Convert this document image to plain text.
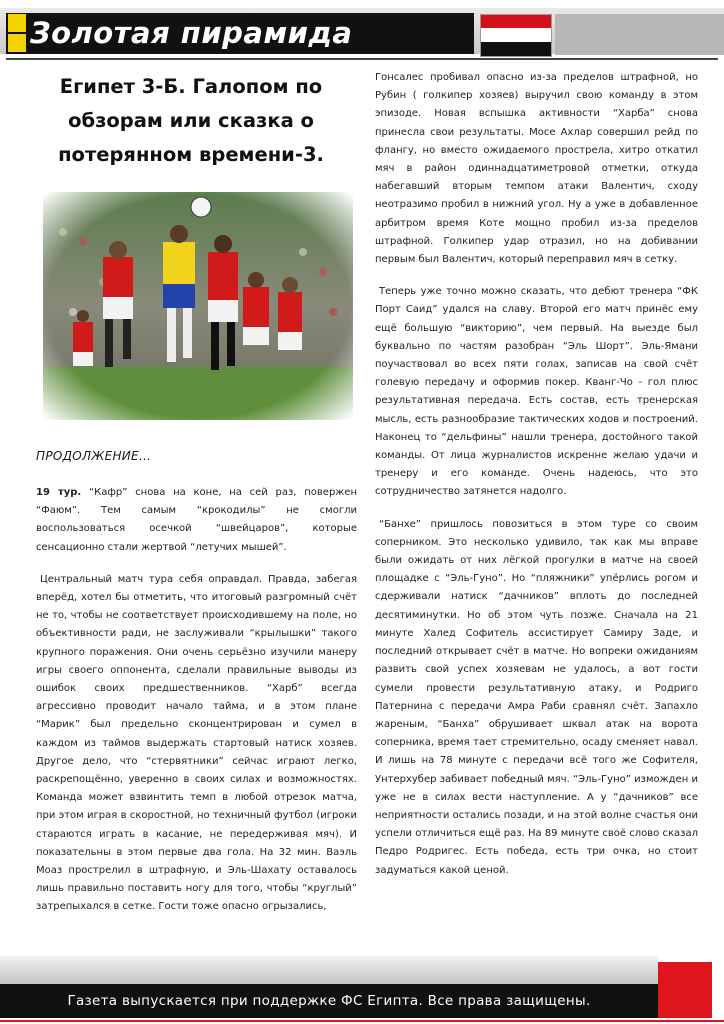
Золотая пирамида
Египет 3-Б. Галопом по обзорам или сказка о потерянном времени-3.
ПРОДОЛЖЕНИЕ…

19 тур. “Кафр” снова на коне, на сей раз, повержен “Фаюм”. Тем самым “крокодилы” не смогли воспользоваться осечкой “швейцаров”, которые сенсационно стали жертвой “летучих мышей”.

Центральный матч тура себя оправдал. Правда, забегая вперёд, хотел бы отметить, что итоговый разгромный счёт не то, чтобы не соответствует происходившему на поле, но объективности ради, не заслуживали “крылышки” такого крупного поражения. Они очень серьёзно изучили манеру игры своего оппонента, сделали правильные выводы из ошибок своих предшественников. “Харб” всегда агрессивно проводит начало тайма, и в этом плане “Марик” был предельно сконцентрирован и сумел в каждом из таймов выдержать стартовый натиск хозяев. Другое дело, что “стервятники” сейчас играют легко, раскрепощённо, уверенно в своих силах и возможностях. Команда может взвинтить темп в любой отрезок матча, при этом играя в скоростной, но техничный футбол (игроки стараются играть в касание, не передерживая мяч). И показательны в этом первые два гола. На 32 мин. Ваэль Моаз прострелил в штрафную, и Эль-Шахату оставалось лишь правильно поставить ногу для того, чтобы “круглый” затрепыхался в сетке. Гости тоже опасно огрызались,

Гонсалес пробивал опасно из-за пределов штрафной, но Рубин ( голкипер хозяев) выручил свою команду в этом эпизоде. Новая вспышка активности “Харба” снова принесла свои результаты. Мосе Ахлар совершил рейд по флангу, но вместо ожидаемого прострела, хитро откатил мяч в район одиннадцатиметровой отметки, откуда набегавший вторым темпом атаки Валентич, сходу неотразимо пробил в нижний угол. Ну а уже в добавленное арбитром время Коте мощно пробил из-за пределов штрафной. Голкипер удар отразил, но на добивании первым был Валентич, который переправил мяч в сетку.

Теперь уже точно можно сказать, что дебют тренера “ФК Порт Саид” удался на славу. Второй его матч принёс ему ещё большую “викторию”, чем первый. На выезде был буквально по частям разобран “Эль Шорт”. Эль-Ямани поучаствовал во всех пяти голах, записав на свой счёт голевую передачу и оформив покер. Кванг-Чо - гол плюс результативная передача. Есть состав, есть тренерская мысль, есть разнообразие тактических ходов и построений. Наконец то “дельфины” нашли тренера, достойного такой команды. От лица журналистов искренне желаю удачи и тренеру и его команде. Очень надеюсь, что это сотрудничество затянется надолго.

“Банхе” пришлось повозиться в этом туре со своим соперником. Это несколько удивило, так как мы вправе были ожидать от них лёгкой прогулки в матче на своей площадке с “Эль-Гуно”. Но “пляжники” упёрлись рогом и сдерживали натиск “дачников” вплоть до последней десятиминутки. Но об этом чуть позже. Сначала на 21 минуте Халед Софитель ассистирует Самиру Заде, и последний открывает счёт в матче. Но вопреки ожиданиям развить свой успех хозяевам не удалось, а вот гости сумели провести результативную атаку, и Родриго Патернина с передачи Амра Раби сравнял счёт. Запахло жареным, “Банха” обрушивает шквал атак на ворота соперника, время тает стремительно, осаду сменяет навал. И лишь на 78 минуте с передачи всё того же Софителя, Унтерхубер забивает победный мяч. “Эль-Гуно” изможден и уже не в силах вести наступление. А у “дачников” все неприятности остались позади, и на этой волне счастья они успели отличиться ещё раз. На 89 минуте своё слово сказал Педро Родригес. Есть победа, есть три очка, но стоит задуматься какой ценой.

Газета выпускается при поддержке ФС Египта. Все права защищены.
